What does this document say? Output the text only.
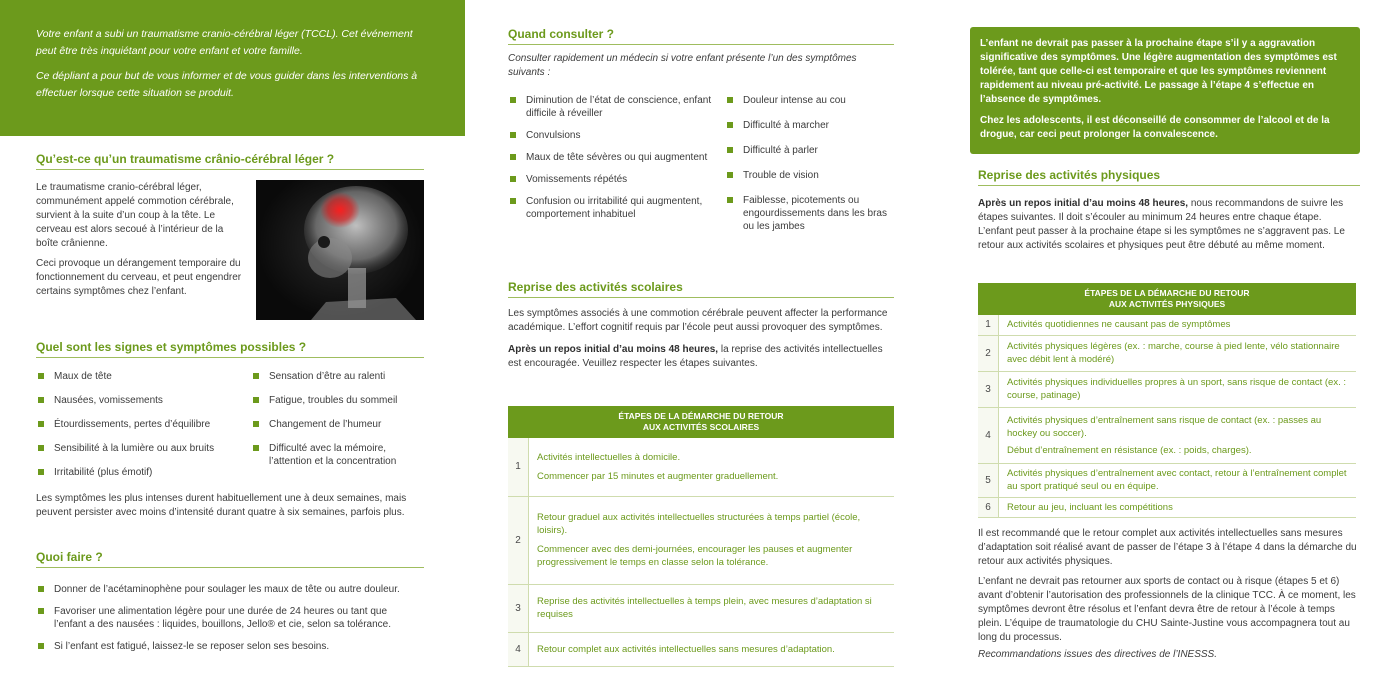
Votre enfant a subi un traumatisme cranio-cérébral léger (TCCL). Cet événement peut être très inquiétant pour votre enfant et votre famille.

Ce dépliant a pour but de vous informer et de vous guider dans les interventions à effectuer lorsque cette situation se produit.

Qu’est-ce qu’un traumatisme crânio-cérébral léger ?

Le traumatisme cranio-cérébral léger, communément appelé commotion cérébrale, survient à la suite d’un coup à la tête. Le cerveau est alors secoué à l’intérieur de la boîte crânienne.

Ceci provoque un dérangement temporaire du fonctionnement du cerveau, et peut engendrer certains symptômes chez l’enfant.

Quel sont les signes et symptômes possibles ?
Maux de tête
Nausées, vomissements
Étourdissements, pertes d’équilibre
Sensibilité à la lumière ou aux bruits
Irritabilité (plus émotif)
Sensation d’être au ralenti
Fatigue, troubles du sommeil
Changement de l’humeur
Difficulté avec la mémoire, l’attention et la concentration

Les symptômes les plus intenses durent habituellement une à deux semaines, mais peuvent persister avec moins d’intensité durant quatre à six semaines, parfois plus.

Quoi faire ?
Donner de l’acétaminophène pour soulager les maux de tête ou autre douleur.
Favoriser une alimentation légère pour une durée de 24 heures ou tant que l’enfant a des nausées : liquides, bouillons, Jello® et cie, selon sa tolérance.
Si l’enfant est fatigué, laissez-le se reposer selon ses besoins.
Quand consulter ?

Consulter rapidement un médecin si votre enfant présente l’un des symptômes suivants :

Diminution de l’état de conscience, enfant difficile à réveiller
Convulsions
Maux de tête sévères ou qui augmentent
Vomissements répétés
Confusion ou irritabilité qui augmentent, comportement inhabituel
Douleur intense au cou
Difficulté à marcher
Difficulté à parler
Trouble de vision
Faiblesse, picotements ou engourdissements dans les bras ou les jambes
Reprise des activités scolaires

Les symptômes associés à une commotion cérébrale peuvent affecter la performance académique. L’effort cognitif requis par l’école peut aussi provoquer des symptômes.

Après un repos initial d’au moins 48 heures, la reprise des activités intellectuelles est encouragée. Veuillez respecter les étapes suivantes.

ÉTAPES DE LA DÉMARCHE DU RETOUR
AUX ACTIVITÉS SCOLAIRES	
1	Activités intellectuelles à domicile.
Commencer par 15 minutes et augmenter graduellement.

2	Retour graduel aux activités intellectuelles structurées à temps partiel (école, loisirs).
Commencer avec des demi-journées, encourager les pauses et augmenter progressivement le temps en classe selon la tolérance.

3	Reprise des activités intellectuelles à temps plein, avec mesures d’adaptation si requises
4	Retour complet aux activités intellectuelles sans mesures d’adaptation.

L’enfant ne devrait pas passer à la prochaine étape s’il y a aggravation significative des symptômes. Une légère augmentation des symptômes est tolérée, tant que celle-ci est temporaire et que les symptômes reviennent rapidement au niveau pré-activité. Le passage à l’étape 4 s’effectue en l’absence de symptômes.

Chez les adolescents, il est déconseillé de consommer de l’alcool et de la drogue, car ceci peut prolonger la convalescence.

Reprise des activités physiques

Après un repos initial d’au moins 48 heures, nous recommandons de suivre les étapes suivantes. Il doit s’écouler au minimum 24 heures entre chaque étape. L’enfant peut passer à la prochaine étape si les symptômes ne s’aggravent pas. Le retour aux activités scolaires et physiques peut être débuté au même moment.

ÉTAPES DE LA DÉMARCHE DU RETOUR
AUX ACTIVITÉS PHYSIQUES	
1	Activités quotidiennes ne causant pas de symptômes
2	Activités physiques légères (ex. : marche, course à pied lente, vélo stationnaire avec débit lent à modéré)
3	Activités physiques individuelles propres à un sport, sans risque de contact (ex. : course, patinage)
4	Activités physiques d’entraînement sans risque de contact (ex. : passes au hockey ou soccer).
Début d’entraînement en résistance (ex. : poids, charges).

5	Activités physiques d’entraînement avec contact, retour à l’entraînement complet au sport pratiqué seul ou en équipe.
6	Retour au jeu, incluant les compétitions

Il est recommandé que le retour complet aux activités intellectuelles sans mesures d’adaptation soit réalisé avant de passer de l’étape 3 à l’étape 4 dans la démarche du retour aux activités physiques.

L’enfant ne devrait pas retourner aux sports de contact ou à risque (étapes 5 et 6) avant d’obtenir l’autorisation des professionnels de la clinique TCC. À ce moment, les symptômes devront être résolus et l’enfant devra être de retour à l’école à temps plein. L’équipe de traumatologie du CHU Sainte-Justine vous accompagnera tout au long du processus.

Recommandations issues des directives de l’INESSS.
